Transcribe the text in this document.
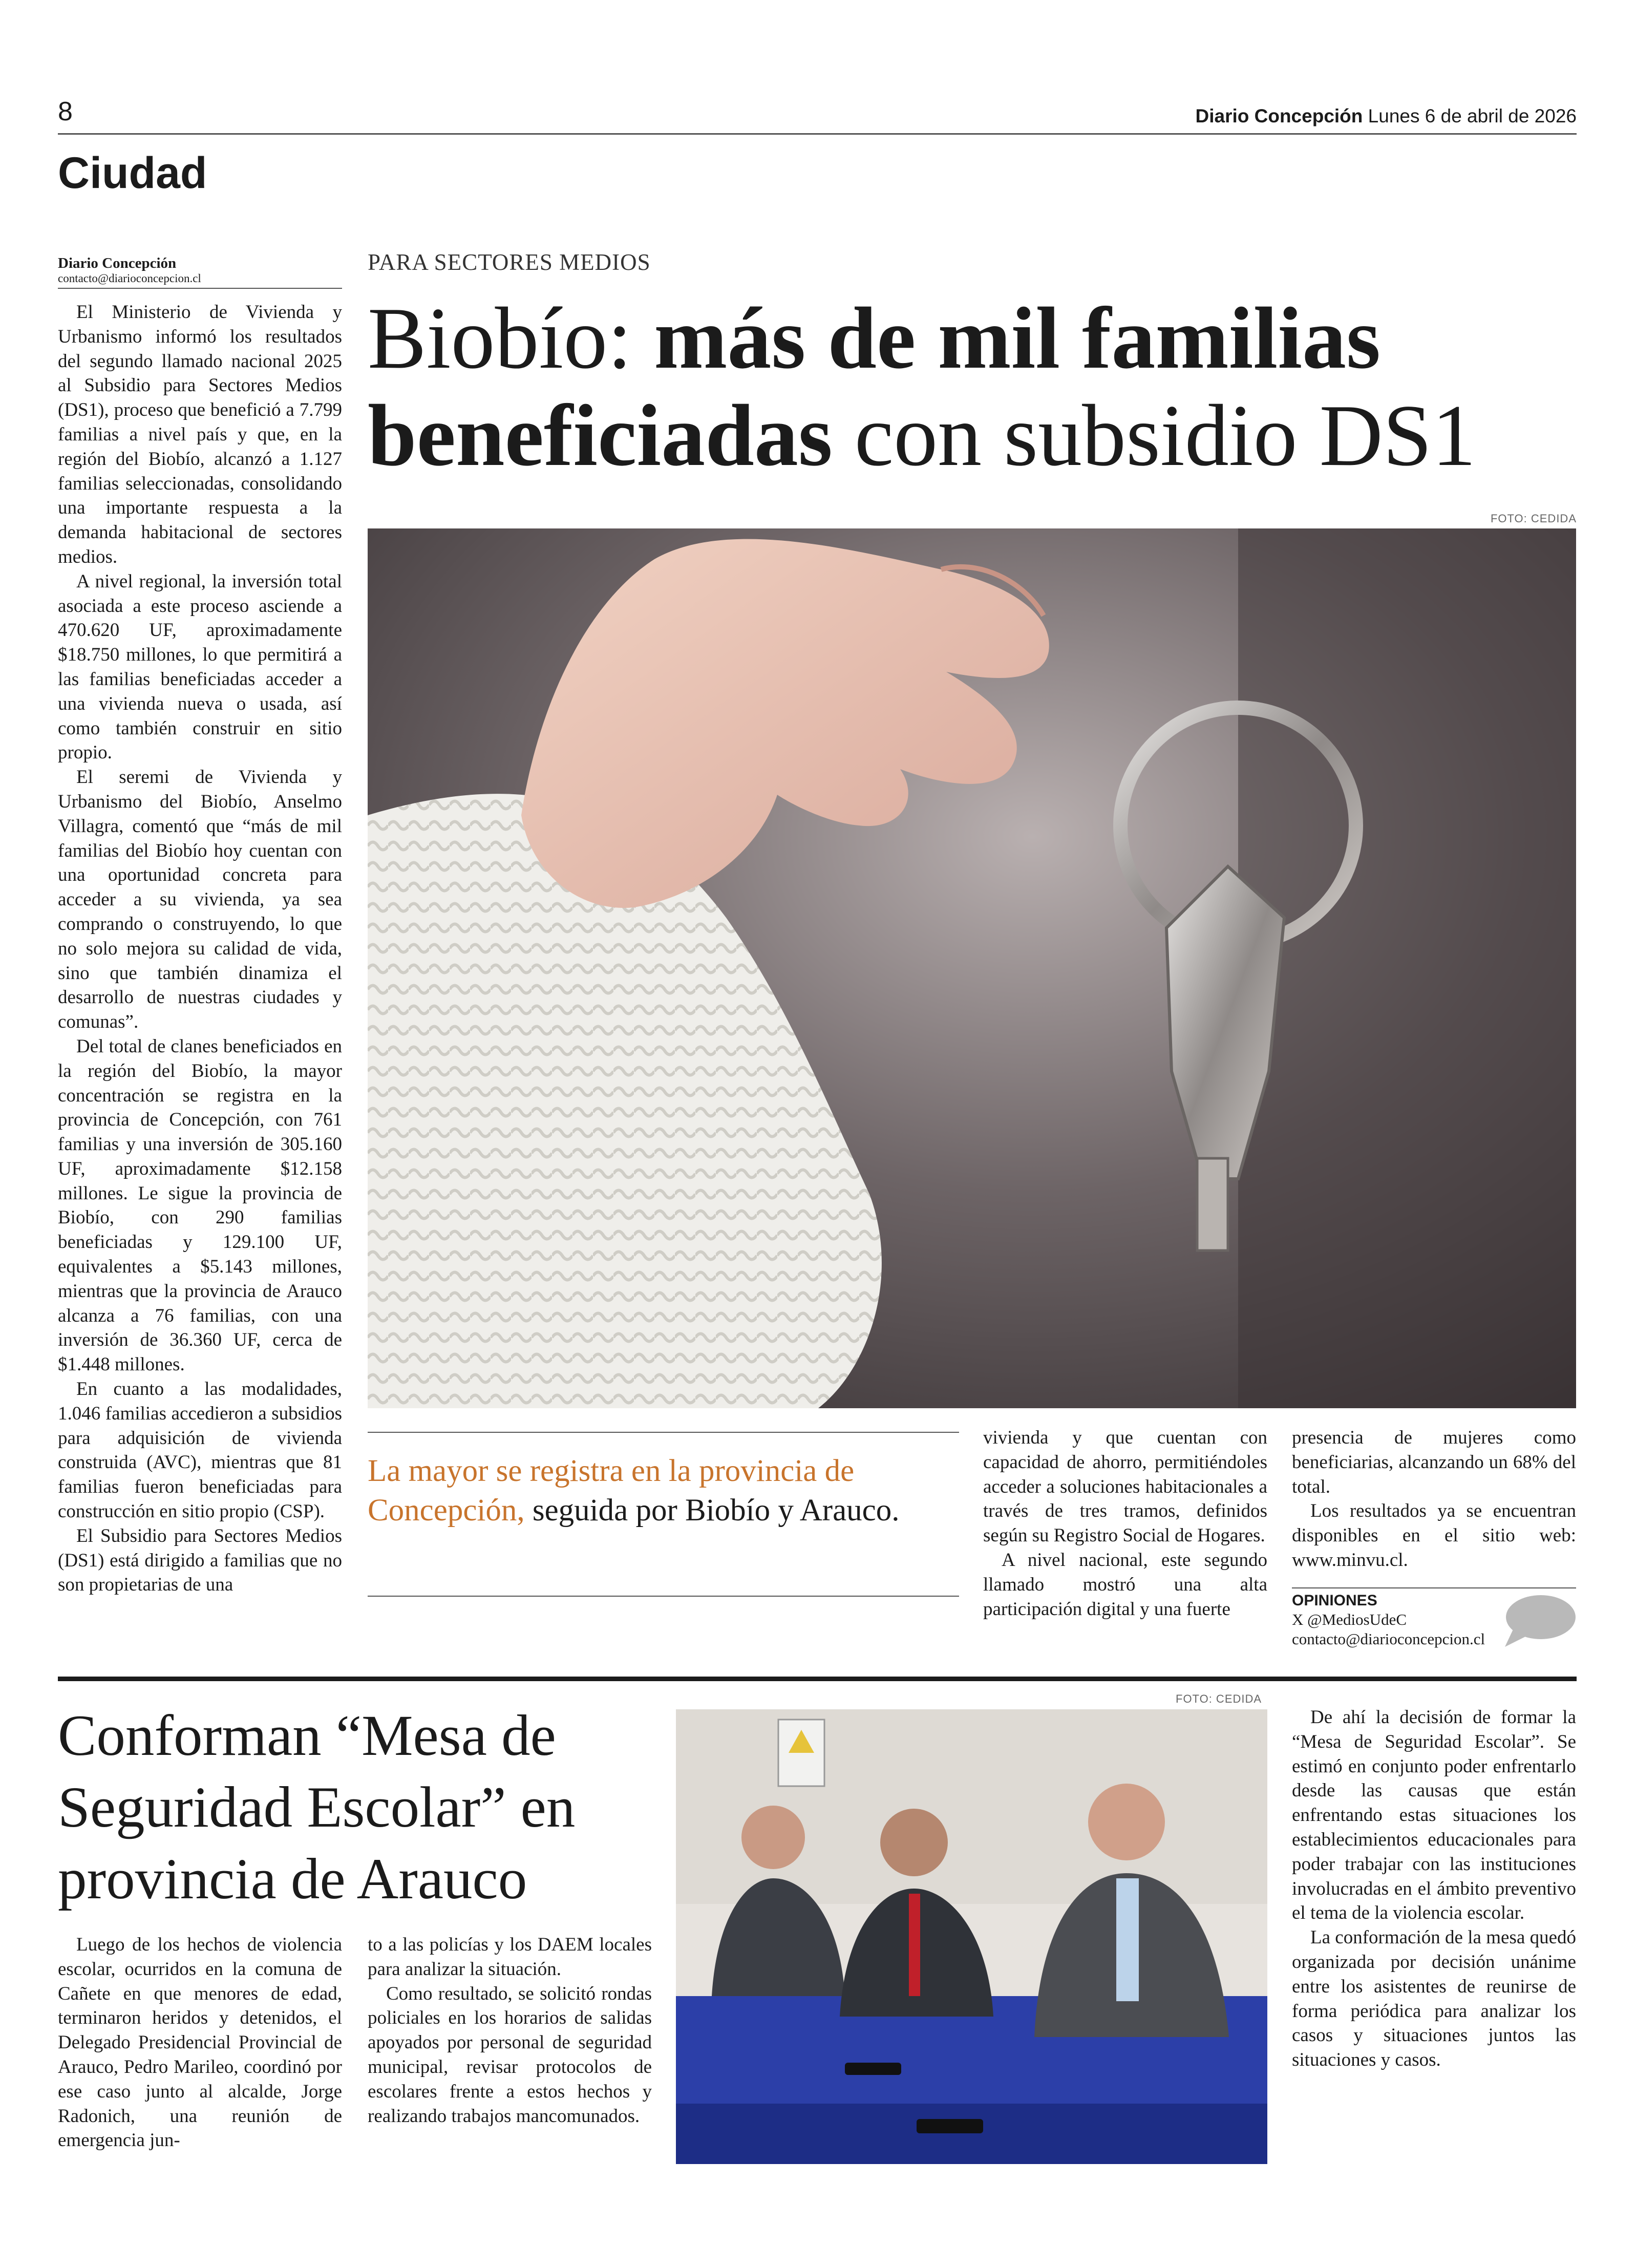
8	Diario Concepción Lunes 6 de abril de 2026
Ciudad
Diario Concepción
contacto@diarioconcepcion.cl

El Ministerio de Vivienda y Urbanismo informó los resultados del segundo llamado nacional 2025 al Subsidio para Sectores Medios (DS1), proceso que benefició a 7.799 familias a nivel país y que, en la región del Biobío, alcanzó a 1.127 familias seleccionadas, consolidando una importante respuesta a la demanda habitacional de sectores medios.

A nivel regional, la inversión total asociada a este proceso asciende a 470.620 UF, aproximadamente $18.750 millones, lo que permitirá a las familias beneficiadas acceder a una vivienda nueva o usada, así como también construir en sitio propio.

El seremi de Vivienda y Urbanismo del Biobío, Anselmo Villagra, comentó que “más de mil familias del Biobío hoy cuentan con una oportunidad concreta para acceder a su vivienda, ya sea comprando o construyendo, lo que no solo mejora su calidad de vida, sino que también dinamiza el desarrollo de nuestras ciudades y comunas”.

Del total de clanes beneficiados en la región del Biobío, la mayor concentración se registra en la provincia de Concepción, con 761 familias y una inversión de 305.160 UF, aproximadamente $12.158 millones. Le sigue la provincia de Biobío, con 290 familias beneficiadas y 129.100 UF, equivalentes a $5.143 millones, mientras que la provincia de Arauco alcanza a 76 familias, con una inversión de 36.360 UF, cerca de $1.448 millones.

En cuanto a las modalidades, 1.046 familias accedieron a subsidios para adquisición de vivienda construida (AVC), mientras que 81 familias fueron beneficiadas para construcción en sitio propio (CSP).

El Subsidio para Sectores Medios (DS1) está dirigido a familias que no son propietarias de una

PARA SECTORES MEDIOS
Biobío: más de mil familias
beneficiadas con subsidio DS1
FOTO: CEDIDA
La mayor se registra en la provincia de Concepción, seguida por Biobío y Arauco.

vivienda y que cuentan con capacidad de ahorro, permitiéndoles acceder a soluciones habitacionales a través de tres tramos, definidos según su Registro Social de Hogares.

A nivel nacional, este segundo llamado mostró una alta participación digital y una fuerte

presencia de mujeres como beneficiarias, alcanzando un 68% del total.

Los resultados ya se encuentran disponibles en el sitio web: www.minvu.cl.

OPINIONES
X @MediosUdeC
contacto@diarioconcepcion.cl
Conforman “Mesa de Seguridad Escolar” en provincia de Arauco

Luego de los hechos de violencia escolar, ocurridos en la comuna de Cañete en que menores de edad, terminaron heridos y detenidos, el Delegado Presidencial Provincial de Arauco, Pedro Marileo, coordinó por ese caso junto al alcalde, Jorge Radonich, una reunión de emergencia jun-

to a las policías y los DAEM locales para analizar la situación.

Como resultado, se solicitó rondas policiales en los horarios de salidas apoyados por personal de seguridad municipal, revisar protocolos de escolares frente a estos hechos y realizando trabajos mancomunados.

FOTO: CEDIDA

De ahí la decisión de formar la “Mesa de Seguridad Escolar”. Se estimó en conjunto poder enfrentarlo desde las causas que están enfrentando estas situaciones los establecimientos educacionales para poder trabajar con las instituciones involucradas en el ámbito preventivo el tema de la violencia escolar.

La conformación de la mesa quedó organizada por decisión unánime entre los asistentes de reunirse de forma periódica para analizar los casos y situaciones juntos las situaciones y casos.
